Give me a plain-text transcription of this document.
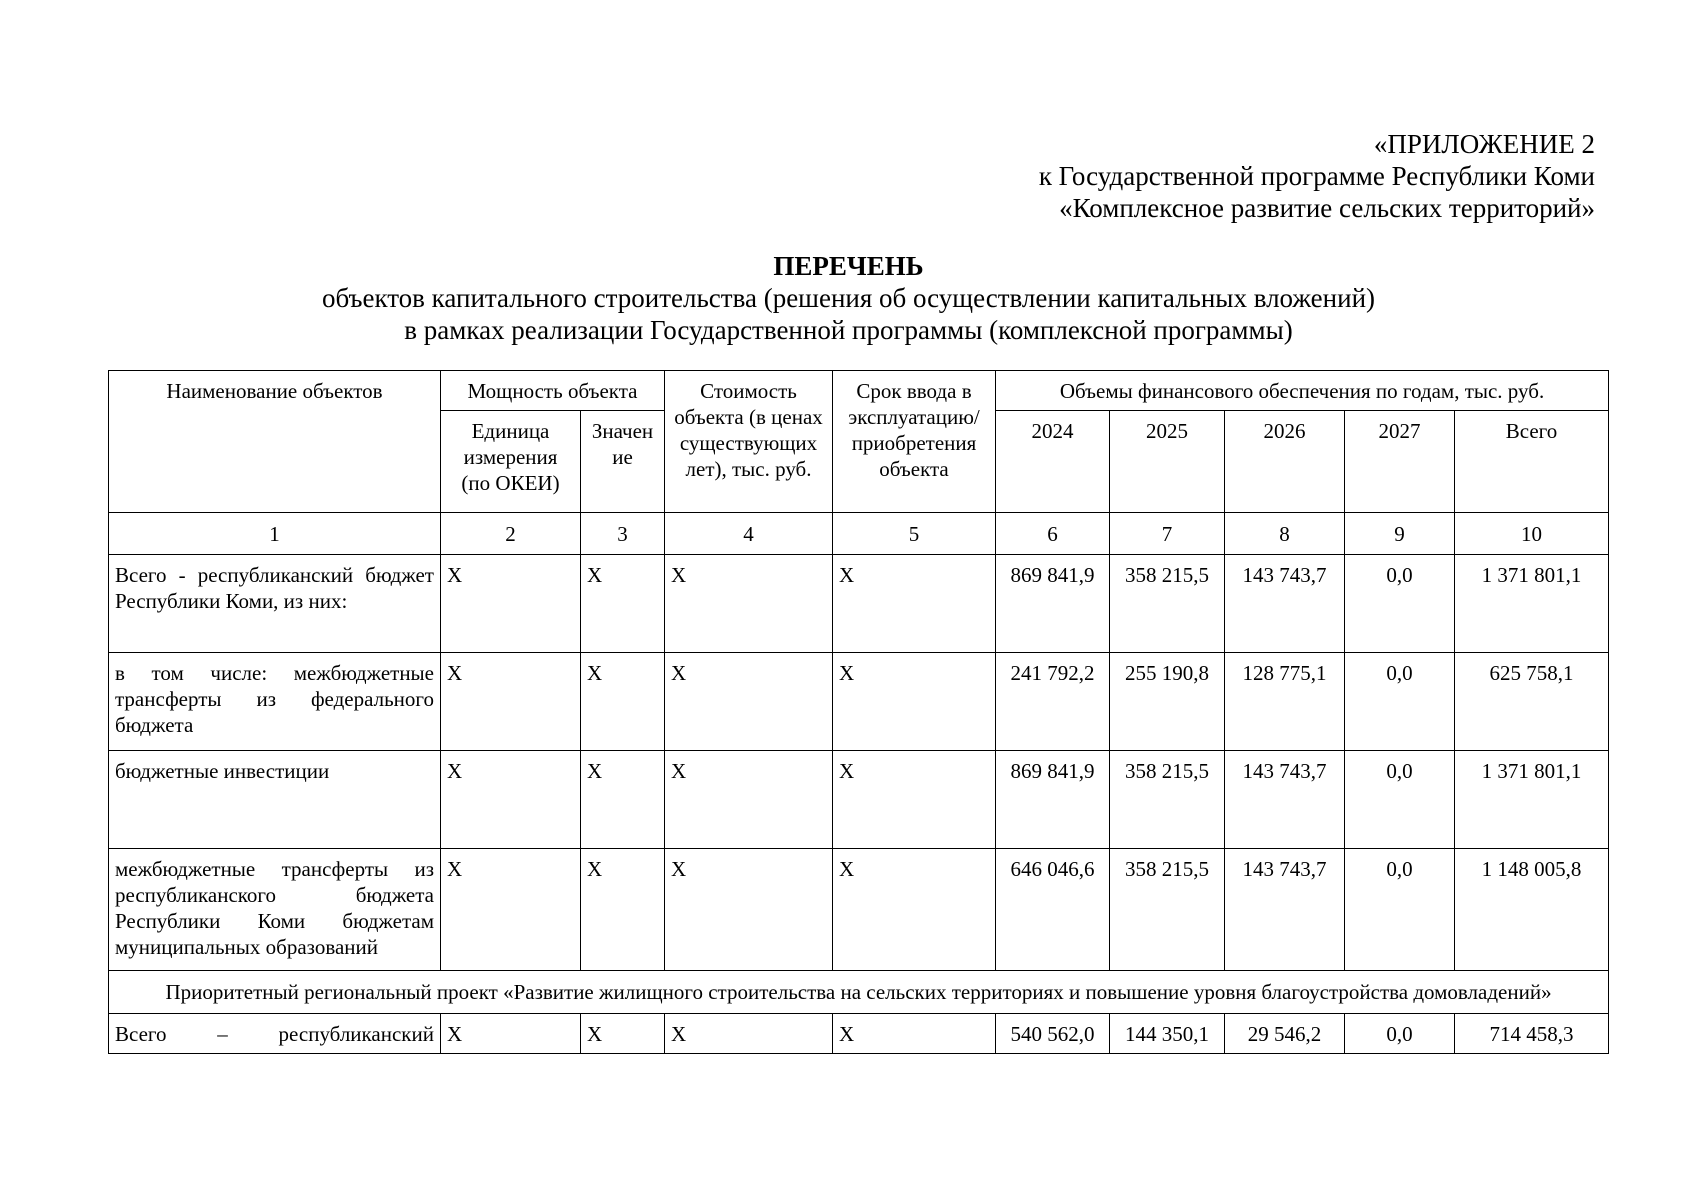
«ПРИЛОЖЕНИЕ 2
к Государственной программе Республики Коми
«Комплексное развитие сельских территорий»
ПЕРЕЧЕНЬ
объектов капитального строительства (решения об осуществлении капитальных вложений)
в рамках реализации Государственной программы (комплексной программы)
Наименование объектов	Мощность объекта		Стоимость объекта (в ценах существующих лет), тыс. руб.	Срок ввода в эксплуатацию/ приобретения объекта	Объемы финансового обеспечения по годам, тыс. руб.				
	Единица измерения (по ОКЕИ)	Значен ие			2024	2025	2026	2027	Всего
1	2	3	4	5	6	7	8	9	10
Всего - республиканский бюджет Республики Коми, из них:	Х	Х	Х	Х	869 841,9	358 215,5	143 743,7	0,0	1 371 801,1
в том числе: межбюджетные трансферты из федерального бюджета	Х	Х	Х	Х	241 792,2	255 190,8	128 775,1	0,0	625 758,1
бюджетные инвестиции	Х	Х	Х	Х	869 841,9	358 215,5	143 743,7	0,0	1 371 801,1
межбюджетные трансферты из республиканского бюджета Республики Коми бюджетам муниципальных образований	Х	Х	Х	Х	646 046,6	358 215,5	143 743,7	0,0	1 148 005,8
Приоритетный региональный проект «Развитие жилищного строительства на сельских территориях и повышение уровня благоустройства домовладений»									
Всего – республиканский	Х	Х	Х	Х	540 562,0	144 350,1	29 546,2	0,0	714 458,3
